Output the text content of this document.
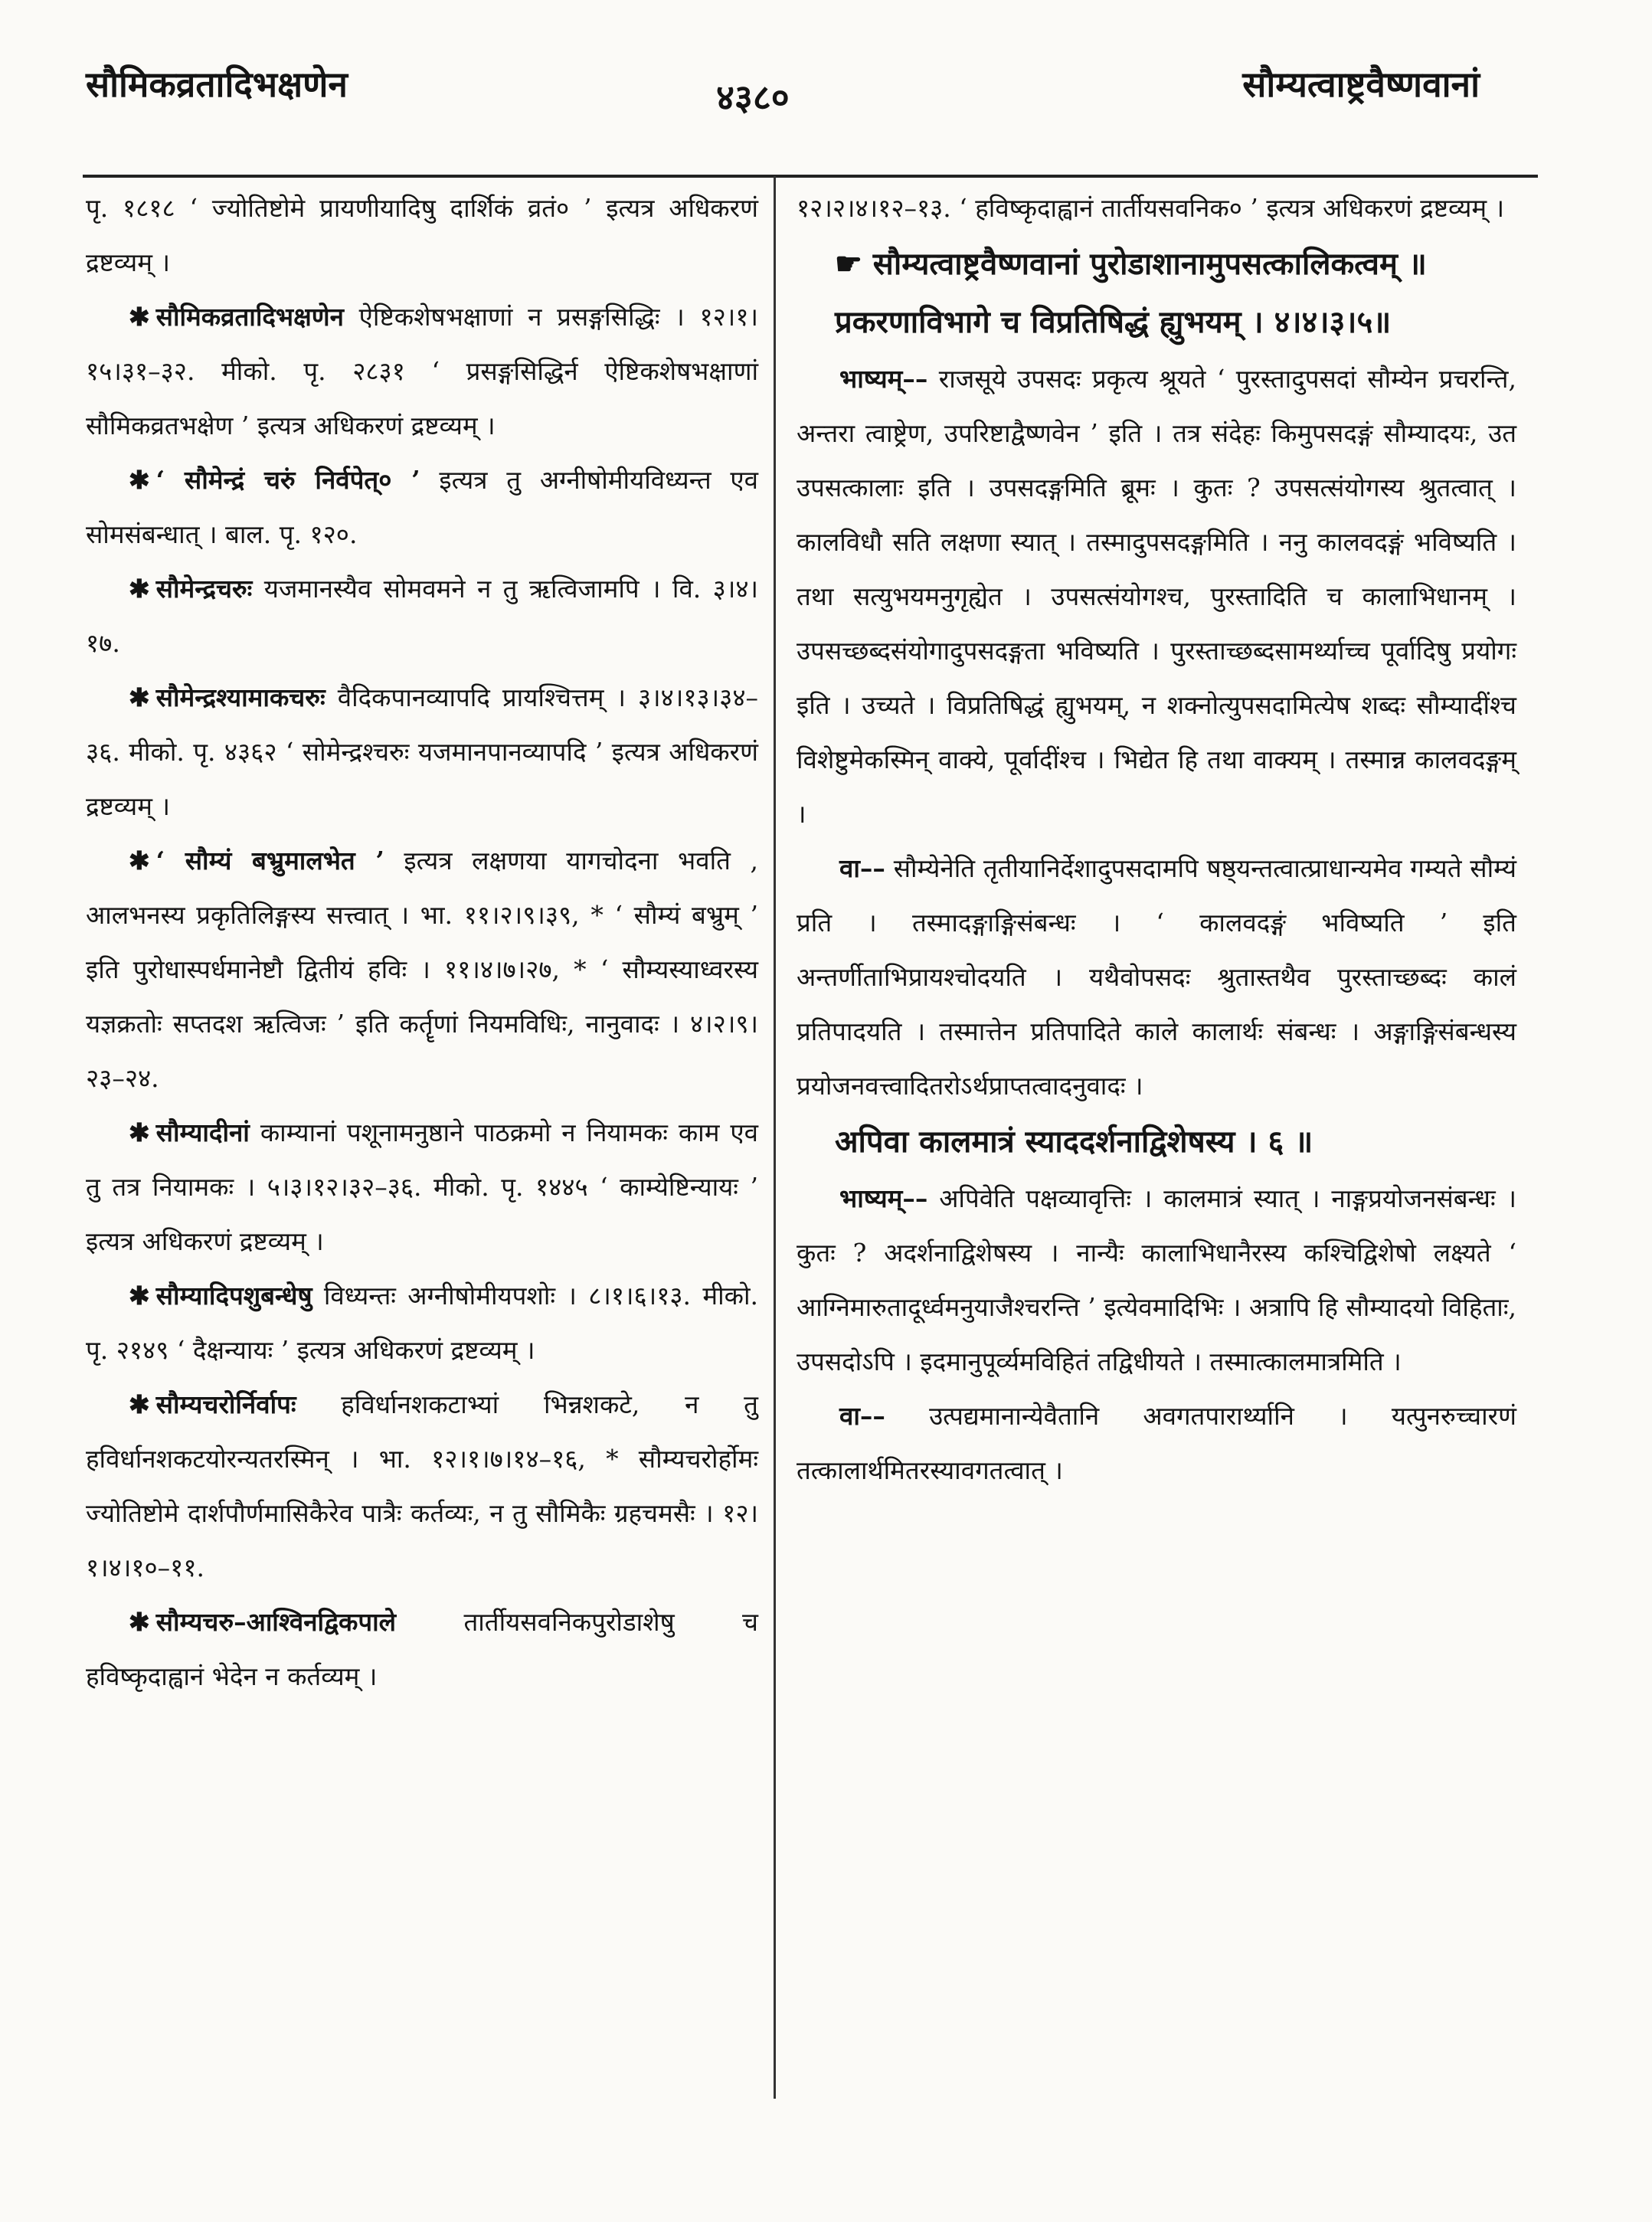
सौमिकव्रतादिभक्षणेन	४३८०	सौम्यत्वाष्ट्रवैष्णवानां

पृ. १८१८ ‘ ज्योतिष्टोमे प्रायणीयादिषु दार्शिकं व्रतं० ’ इत्यत्र अधिकरणं द्रष्टव्यम् ।

✱ सौमिकव्रतादिभक्षणेन ऐष्टिकशेषभक्षाणां न प्रसङ्गसिद्धिः । १२।१।१५।३१–३२. मीको. पृ. २८३१ ‘ प्रसङ्गसिद्धिर्न ऐष्टिकशेषभक्षाणां सौमिकव्रतभक्षेण ’ इत्यत्र अधिकरणं द्रष्टव्यम् ।

✱ ‘ सौमेन्द्रं चरुं निर्वपेत्० ’ इत्यत्र तु अग्नीषोमीयविध्यन्त एव सोमसंबन्धात् । बाल. पृ. १२०.

✱ सौमेन्द्रचरुः यजमानस्यैव सोमवमने न तु ऋत्विजामपि । वि. ३।४।१७.

✱ सौमेन्द्रश्यामाकचरुः वैदिकपानव्यापदि प्रायश्चित्तम् । ३।४।१३।३४–३६. मीको. पृ. ४३६२ ‘ सोमेन्द्रश्चरुः यजमानपानव्यापदि ’ इत्यत्र अधिकरणं द्रष्टव्यम् ।

✱ ‘ सौम्यं बभ्रुमालभेत ’ इत्यत्र लक्षणया यागचोदना भवति , आलभनस्य प्रकृतिलिङ्गस्य सत्त्वात् । भा. ११।२।९।३९, * ‘ सौम्यं बभ्रुम् ’ इति पुरोधास्पर्धमानेष्टौ द्वितीयं हविः । ११।४।७।२७, * ‘ सौम्यस्याध्वरस्य यज्ञक्रतोः सप्तदश ऋत्विजः ’ इति कर्तॄणां नियमविधिः, नानुवादः । ४।२।९।२३–२४.

✱ सौम्यादीनां काम्यानां पशूनामनुष्ठाने पाठक्रमो न नियामकः काम एव तु तत्र नियामकः । ५।३।१२।३२–३६. मीको. पृ. १४४५ ‘ काम्येष्टिन्यायः ’ इत्यत्र अधिकरणं द्रष्टव्यम् ।

✱ सौम्यादिपशुबन्धेषु विध्यन्तः अग्नीषोमीयपशोः । ८।१।६।१३. मीको. पृ. २१४९ ‘ दैक्षन्यायः ’ इत्यत्र अधिकरणं द्रष्टव्यम् ।

✱ सौम्यचरोर्निर्वापः हविर्धानशकटाभ्यां भिन्नशकटे, न तु हविर्धानशकटयोरन्यतरस्मिन् । भा. १२।१।७।१४–१६, * सौम्यचरोर्होमः ज्योतिष्टोमे दार्शपौर्णमासिकैरेव पात्रैः कर्तव्यः, न तु सौमिकैः ग्रहचमसैः । १२।१।४।१०–११.

✱ सौम्यचरु–आश्विनद्विकपाले	तार्तीयसवनिकपुरोडाशेषु च हविष्कृदाह्वानं भेदेन न कर्तव्यम् ।

१२।२।४।१२–१३. ‘ हविष्कृदाह्वानं तार्तीयसवनिक० ’ इत्यत्र अधिकरणं द्रष्टव्यम् ।

☛ सौम्यत्वाष्ट्रवैष्णवानां पुरोडाशानामुपसत्कालिकत्वम् ॥

प्रकरणाविभागे च विप्रतिषिद्धं ह्युभयम् । ४।४।३।५॥

भाष्यम्–– राजसूये उपसदः प्रकृत्य श्रूयते ‘ पुरस्तादुपसदां सौम्येन प्रचरन्ति, अन्तरा त्वाष्ट्रेण, उपरिष्टाद्वैष्णवेन ’ इति । तत्र संदेहः किमुपसदङ्गं सौम्यादयः, उत उपसत्कालाः इति । उपसदङ्गमिति ब्रूमः । कुतः ? उपसत्संयोगस्य श्रुतत्वात् । कालविधौ सति लक्षणा स्यात् । तस्मादुपसदङ्गमिति । ननु कालवदङ्गं भविष्यति । तथा सत्युभयमनुगृह्येत । उपसत्संयोगश्च, पुरस्तादिति च कालाभिधानम् । उपसच्छब्दसंयोगादुपसदङ्गता भविष्यति । पुरस्ताच्छब्दसामर्थ्याच्च पूर्वादिषु प्रयोगः इति । उच्यते । विप्रतिषिद्धं ह्युभयम्, न शक्नोत्युपसदामित्येष शब्दः सौम्यादींश्च विशेष्टुमेकस्मिन् वाक्ये, पूर्वादींश्च । भिद्येत हि तथा वाक्यम् । तस्मान्न कालवदङ्गम् ।

वा–– सौम्येनेति तृतीयानिर्देशादुपसदामपि षष्ठ्यन्तत्वात्प्राधान्यमेव गम्यते सौम्यं प्रति । तस्मादङ्गाङ्गिसंबन्धः । ‘ कालवदङ्गं भविष्यति ’ इति अन्तर्णीताभिप्रायश्चोदयति । यथैवोपसदः श्रुतास्तथैव पुरस्ताच्छब्दः कालं प्रतिपादयति । तस्मात्तेन प्रतिपादिते काले कालार्थः संबन्धः । अङ्गाङ्गिसंबन्धस्य प्रयोजनवत्त्वादितरोऽर्थप्राप्तत्वादनुवादः ।

अपिवा कालमात्रं स्याददर्शनाद्विशेषस्य । ६ ॥

भाष्यम्–– अपिवेति पक्षव्यावृत्तिः । कालमात्रं स्यात् । नाङ्गप्रयोजनसंबन्धः । कुतः ? अदर्शनाद्विशेषस्य । नान्यैः कालाभिधानैरस्य कश्चिद्विशेषो लक्ष्यते ‘ आग्निमारुतादूर्ध्वमनुयाजैश्चरन्ति ’ इत्येवमादिभिः । अत्रापि हि सौम्यादयो विहिताः, उपसदोऽपि । इदमानुपूर्व्यमविहितं तद्विधीयते । तस्मात्कालमात्रमिति ।

वा–– उत्पद्यमानान्येवैतानि अवगतपारार्थ्यानि । यत्पुनरुच्चारणं तत्कालार्थमितरस्यावगतत्वात् ।
